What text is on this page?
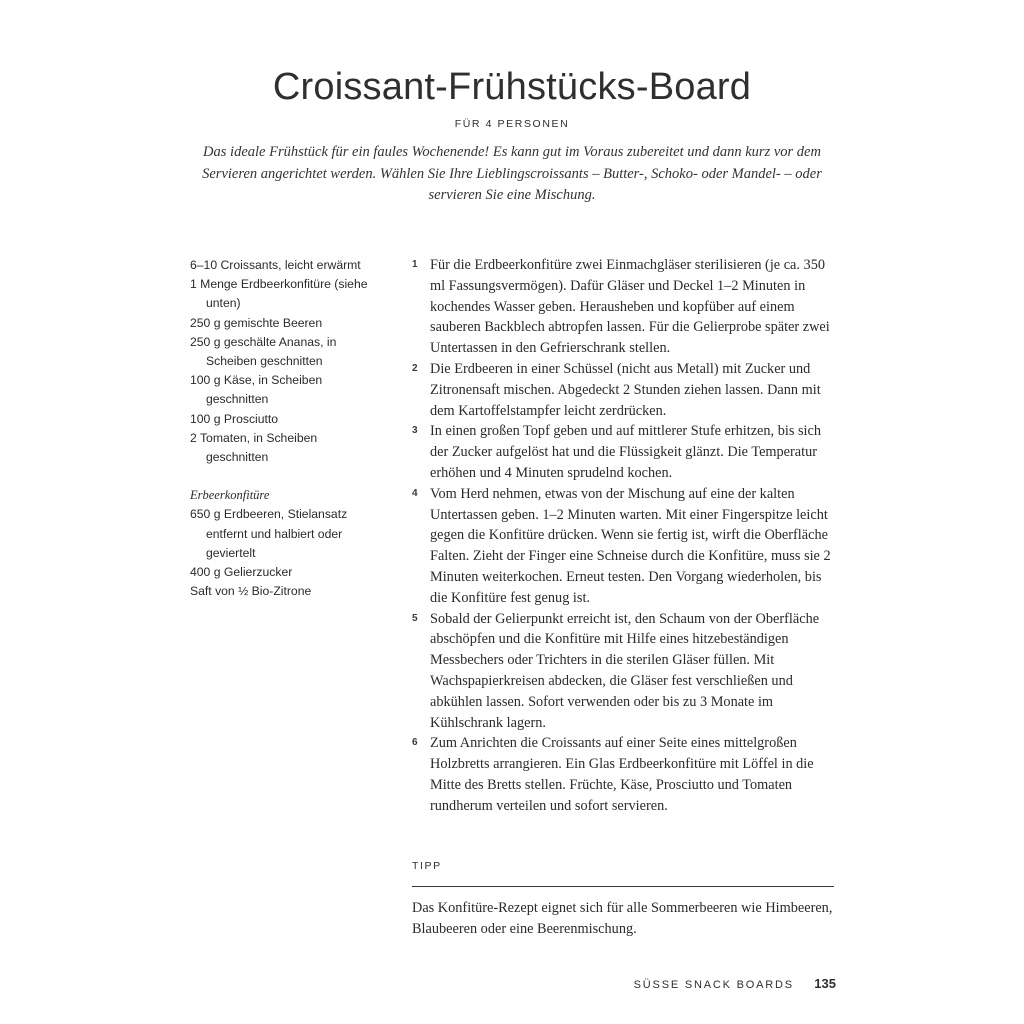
Croissant-Frühstücks-Board
FÜR 4 PERSONEN
Das ideale Frühstück für ein faules Wochenende! Es kann gut im Voraus zubereitet und dann kurz vor dem Servieren angerichtet werden. Wählen Sie Ihre Lieblingscroissants – Butter-, Schoko- oder Mandel- – oder servieren Sie eine Mischung.
6–10 Croissants, leicht erwärmt
1 Menge Erdbeerkonfitüre (siehe unten)
250 g gemischte Beeren
250 g geschälte Ananas, in Scheiben geschnitten
100 g Käse, in Scheiben geschnitten
100 g Prosciutto
2 Tomaten, in Scheiben geschnitten
Erbeerkonfitüre
650 g Erdbeeren, Stielansatz entfernt und halbiert oder geviertelt
400 g Gelierzucker
Saft von ½ Bio-Zitrone
1 Für die Erdbeerkonfitüre zwei Einmachgläser sterilisieren (je ca. 350 ml Fassungsvermögen). Dafür Gläser und Deckel 1–2 Minuten in kochendes Wasser geben. Herausheben und kopfüber auf einem sauberen Backblech abtropfen lassen. Für die Gelierprobe später zwei Untertassen in den Gefrierschrank stellen.
2 Die Erdbeeren in einer Schüssel (nicht aus Metall) mit Zucker und Zitronensaft mischen. Abgedeckt 2 Stunden ziehen lassen. Dann mit dem Kartoffelstampfer leicht zerdrücken.
3 In einen großen Topf geben und auf mittlerer Stufe erhitzen, bis sich der Zucker aufgelöst hat und die Flüssigkeit glänzt. Die Temperatur erhöhen und 4 Minuten sprudelnd kochen.
4 Vom Herd nehmen, etwas von der Mischung auf eine der kalten Untertassen geben. 1–2 Minuten warten. Mit einer Fingerspitze leicht gegen die Konfitüre drücken. Wenn sie fertig ist, wirft die Oberfläche Falten. Zieht der Finger eine Schneise durch die Konfitüre, muss sie 2 Minuten weiterkochen. Erneut testen. Den Vorgang wiederholen, bis die Konfitüre fest genug ist.
5 Sobald der Gelierpunkt erreicht ist, den Schaum von der Oberfläche abschöpfen und die Konfitüre mit Hilfe eines hitzebeständigen Messbechers oder Trichters in die sterilen Gläser füllen. Mit Wachspapierkreisen abdecken, die Gläser fest verschließen und abkühlen lassen. Sofort verwenden oder bis zu 3 Monate im Kühlschrank lagern.
6 Zum Anrichten die Croissants auf einer Seite eines mittelgroßen Holzbretts arrangieren. Ein Glas Erdbeerkonfitüre mit Löffel in die Mitte des Bretts stellen. Früchte, Käse, Prosciutto und Tomaten rundherum verteilen und sofort servieren.
TIPP
Das Konfitüre-Rezept eignet sich für alle Sommerbeeren wie Himbeeren, Blaubeeren oder eine Beerenmischung.
SÜSSE SNACK BOARDS 135
